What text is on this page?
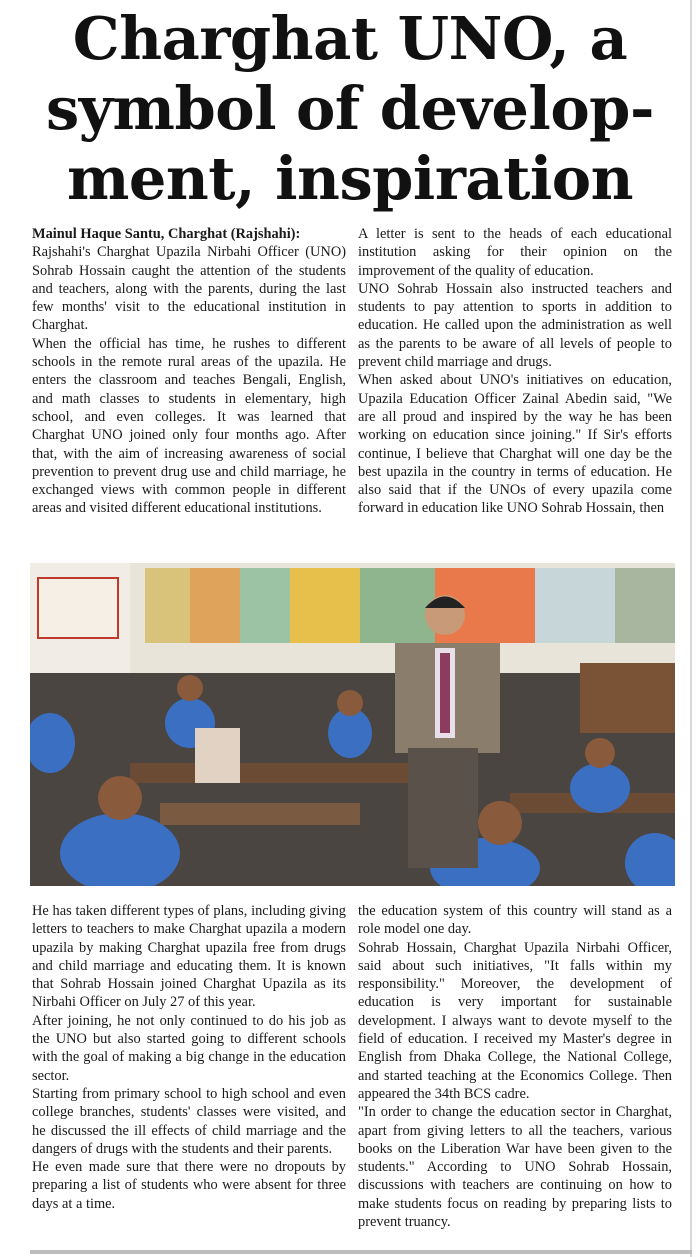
Charghat UNO, a
symbol of develop-
ment, inspiration

Mainul Haque Santu, Charghat (Rajshahi):

Rajshahi's Charghat Upazila Nirbahi Officer (UNO) Sohrab Hossain caught the attention of the students and teachers, along with the parents, during the last few months' visit to the educational institution in Charghat.

When the official has time, he rushes to different schools in the remote rural areas of the upazila. He enters the classroom and teaches Bengali, English, and math classes to students in elementary, high school, and even colleges. It was learned that Charghat UNO joined only four months ago. After that, with the aim of increasing awareness of social prevention to prevent drug use and child marriage, he exchanged views with common people in different areas and visited different educational institutions.

A letter is sent to the heads of each educational institution asking for their opinion on the improvement of the quality of education.

UNO Sohrab Hossain also instructed teachers and students to pay attention to sports in addition to education. He called upon the administration as well as the parents to be aware of all levels of people to prevent child marriage and drugs.

When asked about UNO's initiatives on education, Upazila Education Officer Zainal Abedin said, "We are all proud and inspired by the way he has been working on education since joining." If Sir's efforts continue, I believe that Charghat will one day be the best upazila in the country in terms of education. He also said that if the UNOs of every upazila come forward in education like UNO Sohrab Hossain, then

He has taken different types of plans, including giving letters to teachers to make Charghat upazila a modern upazila by making Charghat upazila free from drugs and child marriage and educating them. It is known that Sohrab Hossain joined Charghat Upazila as its Nirbahi Officer on July 27 of this year.

After joining, he not only continued to do his job as the UNO but also started going to different schools with the goal of making a big change in the education sector.

Starting from primary school to high school and even college branches, students' classes were visited, and he discussed the ill effects of child marriage and the dangers of drugs with the students and their parents.

He even made sure that there were no dropouts by preparing a list of students who were absent for three days at a time.

the education system of this country will stand as a role model one day.

Sohrab Hossain, Charghat Upazila Nirbahi Officer, said about such initiatives, "It falls within my responsibility." Moreover, the development of education is very important for sustainable development. I always want to devote myself to the field of education. I received my Master's degree in English from Dhaka College, the National College, and started teaching at the Economics College. Then appeared the 34th BCS cadre.

"In order to change the education sector in Charghat, apart from giving letters to all the teachers, various books on the Liberation War have been given to the students." According to UNO Sohrab Hossain, discussions with teachers are continuing on how to make students focus on reading by preparing lists to prevent truancy.
